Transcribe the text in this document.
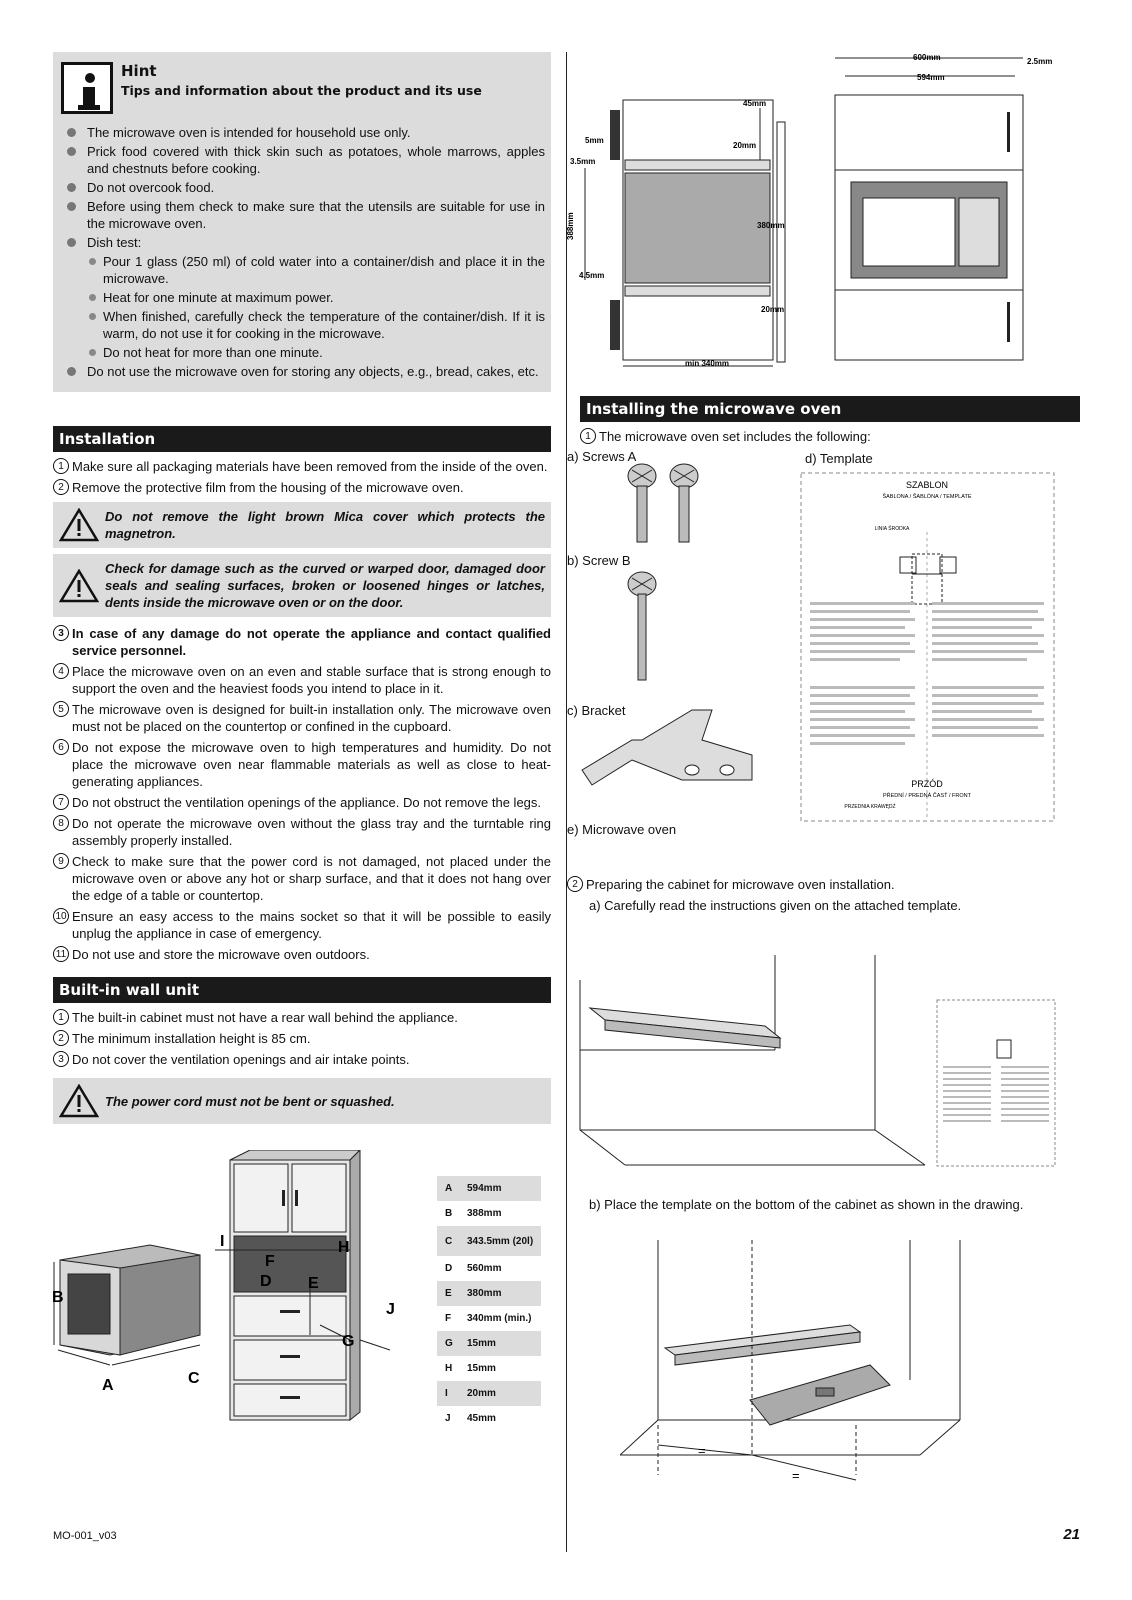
Hint
Tips and information about the product and its use
The microwave oven is intended for household use only.
Prick food covered with thick skin such as potatoes, whole marrows, apples and chestnuts before cooking.
Do not overcook food.
Before using them check to make sure that the utensils are suitable for use in the microwave oven.
Dish test:
Pour 1 glass (250 ml) of cold water into a container/dish and place it in the microwave.
Heat for one minute at maximum power.
When finished, carefully check the temperature of the container/dish. If it is warm, do not use it for cooking in the microwave.
Do not heat for more than one minute.
Do not use the microwave oven for storing any objects, e.g., bread, cakes, etc.
Installation
1 Make sure all packaging materials have been removed from the inside of the oven.
2 Remove the protective film from the housing of the microwave oven.
Do not remove the light brown Mica cover which protects the magnetron.
Check for damage such as the curved or warped door, damaged door seals and sealing surfaces, broken or loosened hinges or latches, dents inside the microwave oven or on the door.
3 In case of any damage do not operate the appliance and contact qualified service personnel.
4 Place the microwave oven on an even and stable surface that is strong enough to support the oven and the heaviest foods you intend to place in it.
5 The microwave oven is designed for built-in installation only. The microwave oven must not be placed on the countertop or confined in the cupboard.
6 Do not expose the microwave oven to high temperatures and humidity. Do not place the microwave oven near flammable materials as well as close to heat-generating appliances.
7 Do not obstruct the ventilation openings of the appliance. Do not remove the legs.
8 Do not operate the microwave oven without the glass tray and the turntable ring assembly properly installed.
9 Check to make sure that the power cord is not damaged, not placed under the microwave oven or above any hot or sharp surface, and that it does not hang over the edge of a table or countertop.
10 Ensure an easy access to the mains socket so that it will be possible to easily unplug the appliance in case of emergency.
11 Do not use and store the microwave oven outdoors.
Built-in wall unit
1 The built-in cabinet must not have a rear wall behind the appliance.
2 The minimum installation height is 85 cm.
3 Do not cover the ventilation openings and air intake points.
The power cord must not be bent or squashed.
A
B
C
D E
F
G
H
I
J
A	594mm
B	388mm
C	343.5mm (20l)
D	560mm
E	380mm
F	340mm (min.)
G	15mm
H	15mm
I	20mm
J	45mm
45mm
5mm
20mm
3.5mm
388mm	380mm
4.5mm
20mm
min 340mm
600mm
594mm
2.5mm
Installing the microwave oven
1 The microwave oven set includes the following:
a) Screws A	d) Template
b) Screw B
c) Bracket
e) Microwave oven
SZABLON
ŠABLONA / ŠABLÓNA / TEMPLATE
LINIA ŚRODKA
PRZÓD
PŘEDNÍ / PREDNÁ ČASŤ / FRONT
PRZEDNIA KRAWĘDŹ
2 Preparing the cabinet for microwave oven installation.
a) Carefully read the instructions given on the attached template.
b) Place the template on the bottom of the cabinet as shown in the drawing.
=
=
MO-001_v03	21
